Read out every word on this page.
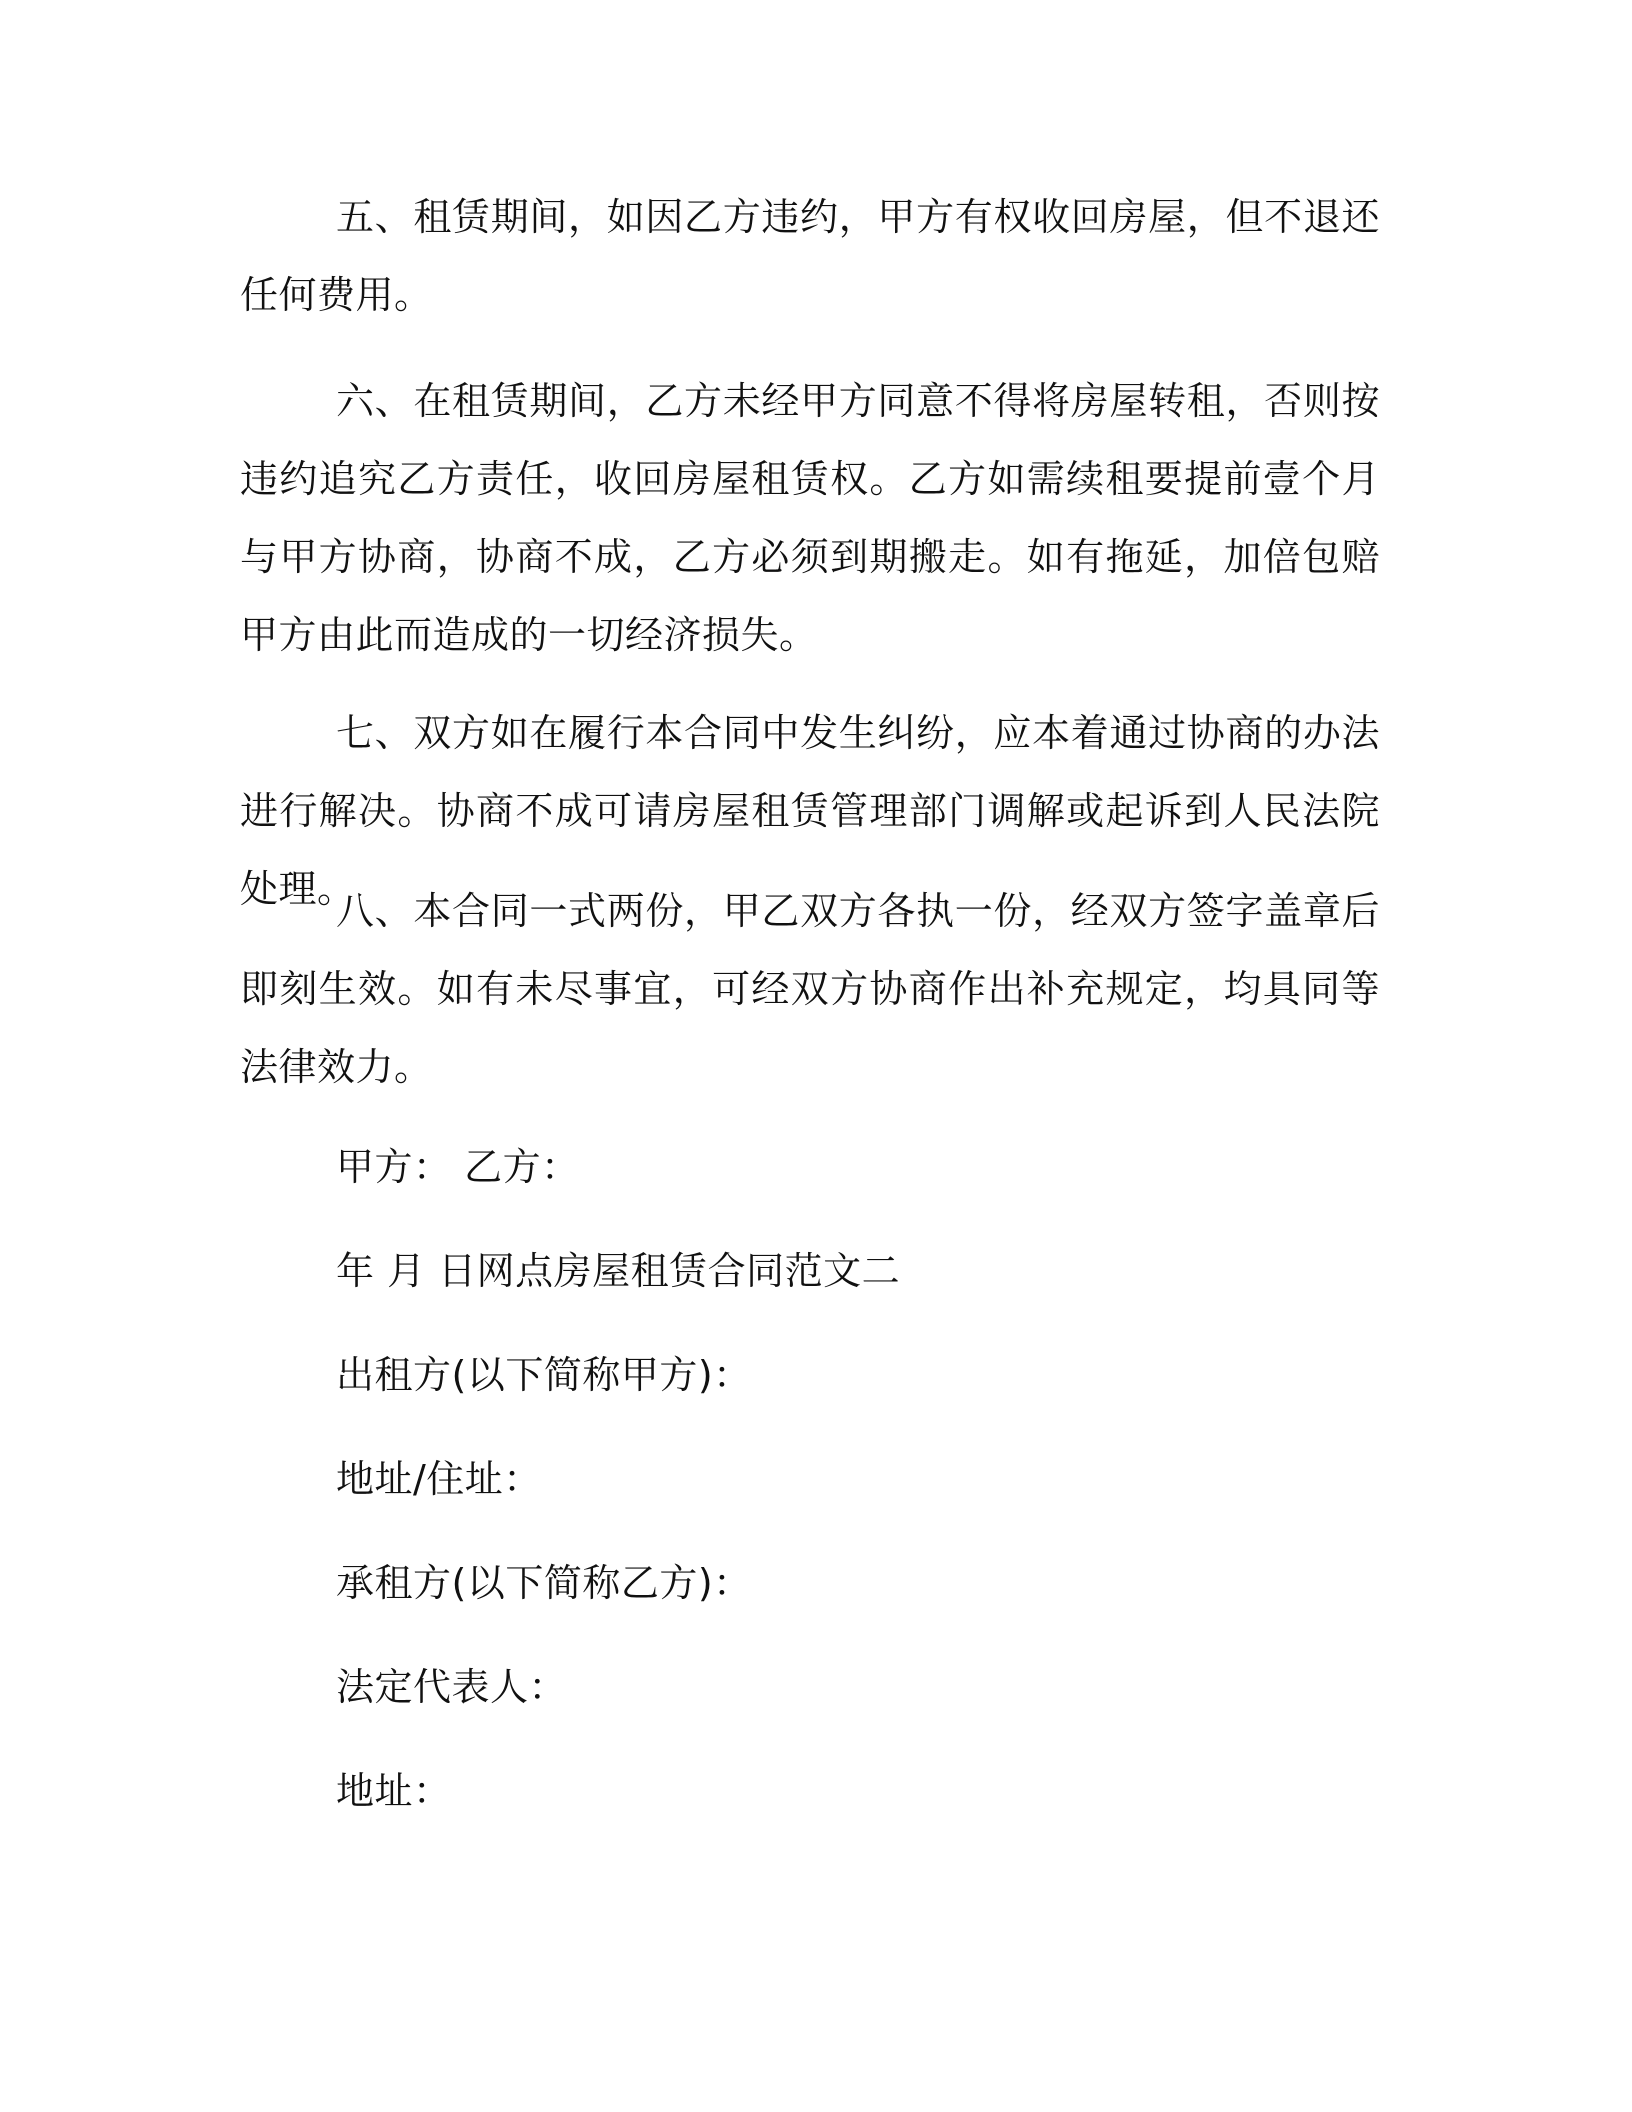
五、租赁期间，如因乙方违约，甲方有权收回房屋，但不退还任何费用。

六、在租赁期间，乙方未经甲方同意不得将房屋转租，否则按违约追究乙方责任，收回房屋租赁权。乙方如需续租要提前壹个月与甲方协商，协商不成，乙方必须到期搬走。如有拖延，加倍包赔甲方由此而造成的一切经济损失。

七、双方如在履行本合同中发生纠纷，应本着通过协商的办法进行解决。协商不成可请房屋租赁管理部门调解或起诉到人民法院处理。

八、本合同一式两份，甲乙双方各执一份，经双方签字盖章后即刻生效。如有未尽事宜，可经双方协商作出补充规定，均具同等法律效力。

甲方： 乙方：

年 月 日网点房屋租赁合同范文二

出租方(以下简称甲方)：

地址/住址：

承租方(以下简称乙方)：

法定代表人：

地址：
